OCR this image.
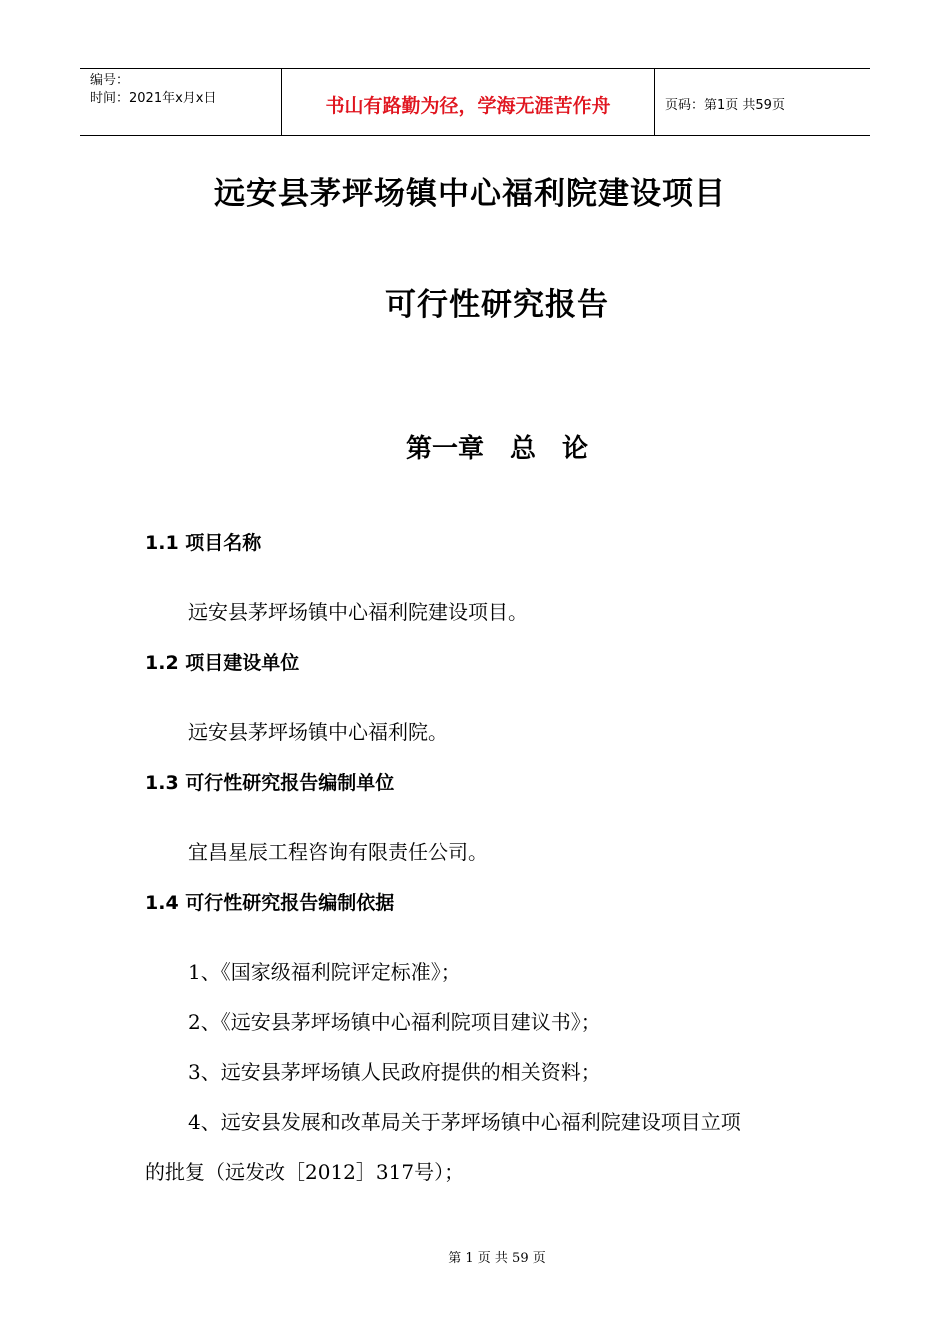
编号：
时间：2021年x月x日	书山有路勤为径，学海无涯苦作舟	页码：第1页 共59页
远安县茅坪场镇中心福利院建设项目
可行性研究报告
第一章　总　论
1.1 项目名称
远安县茅坪场镇中心福利院建设项目。
1.2 项目建设单位
远安县茅坪场镇中心福利院。
1.3 可行性研究报告编制单位
宜昌星辰工程咨询有限责任公司。
1.4 可行性研究报告编制依据
1、《国家级福利院评定标准》；
2、《远安县茅坪场镇中心福利院项目建议书》；
3、远安县茅坪场镇人民政府提供的相关资料；
4、远安县发展和改革局关于茅坪场镇中心福利院建设项目立项
的批复（远发改［2012］317号）；
第 1 页 共 59 页
